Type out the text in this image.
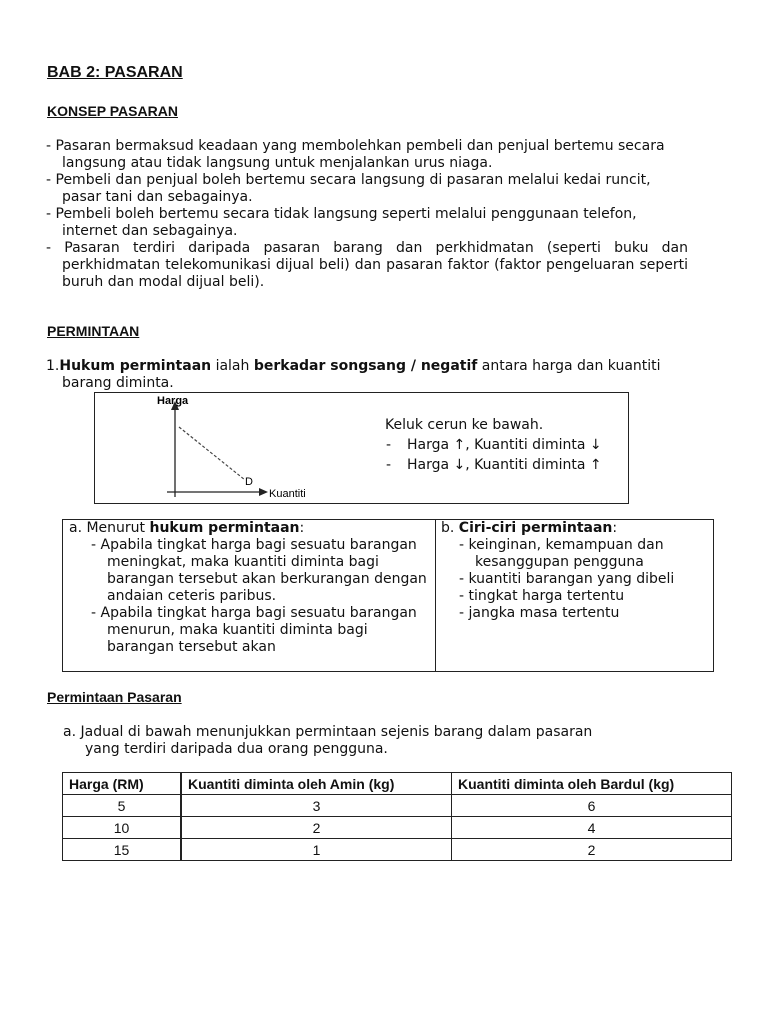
BAB 2: PASARAN
KONSEP PASARAN

- Pasaran bermaksud keadaan yang membolehkan pembeli dan penjual bertemu secara langsung atau tidak langsung untuk menjalankan urus niaga.

- Pembeli dan penjual boleh bertemu secara langsung di pasaran melalui kedai runcit, pasar tani dan sebagainya.

- Pembeli boleh bertemu secara tidak langsung seperti melalui penggunaan telefon, internet dan sebagainya.

- Pasaran terdiri daripada pasaran barang dan perkhidmatan (seperti buku dan perkhidmatan telekomunikasi dijual beli) dan pasaran faktor (faktor pengeluaran seperti buruh dan modal dijual beli).

PERMINTAAN

1.Hukum permintaan ialah berkadar songsang / negatif antara harga dan kuantiti barang diminta.

Harga
D
Kuantiti
Keluk cerun ke bawah.
- Harga ↑, Kuantiti diminta ↓
- Harga ↓, Kuantiti diminta ↑
a. Menurut hukum permintaan:

- Apabila tingkat harga bagi sesuatu barangan meningkat, maka kuantiti diminta bagi barangan tersebut akan berkurangan dengan andaian ceteris paribus.

- Apabila tingkat harga bagi sesuatu barangan menurun, maka kuantiti diminta bagi barangan tersebut akan

b. Ciri-ciri permintaan:

- keinginan, kemampuan dan kesanggupan pengguna

- kuantiti barangan yang dibeli

- tingkat harga tertentu

- jangka masa tertentu

Permintaan Pasaran

a. Jadual di bawah menunjukkan permintaan sejenis barang dalam pasaran yang terdiri daripada dua orang pengguna.

Harga (RM)	Kuantiti diminta oleh Amin (kg)	Kuantiti diminta oleh Bardul (kg)
5	3	6
10	2	4
15	1	2
